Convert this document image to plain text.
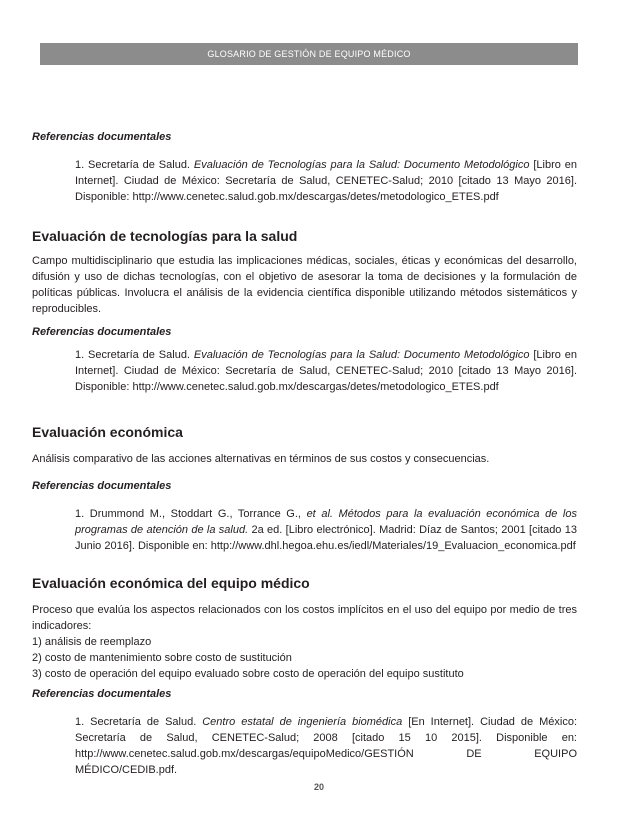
GLOSARIO DE GESTIÓN DE EQUIPO MÉDICO

Referencias documentales

1. Secretaría de Salud. Evaluación de Tecnologías para la Salud: Documento Metodológico [Libro en Internet]. Ciudad de México: Secretaría de Salud, CENETEC-Salud; 2010 [citado 13 Mayo 2016]. Disponible: http://www.cenetec.salud.gob.mx/descargas/detes/metodologico_ETES.pdf

Evaluación de tecnologías para la salud

Campo multidisciplinario que estudia las implicaciones médicas, sociales, éticas y económicas del desarrollo, difusión y uso de dichas tecnologías, con el objetivo de asesorar la toma de decisiones y la formulación de políticas públicas. Involucra el análisis de la evidencia científica disponible utilizando métodos sistemáticos y reproducibles.

Referencias documentales

1. Secretaría de Salud. Evaluación de Tecnologías para la Salud: Documento Metodológico [Libro en Internet]. Ciudad de México: Secretaría de Salud, CENETEC-Salud; 2010 [citado 13 Mayo 2016]. Disponible: http://www.cenetec.salud.gob.mx/descargas/detes/metodologico_ETES.pdf

Evaluación económica

Análisis comparativo de las acciones alternativas en términos de sus costos y consecuencias.

Referencias documentales

1. Drummond M., Stoddart G., Torrance G., et al. Métodos para la evaluación económica de los programas de atención de la salud. 2a ed. [Libro electrónico]. Madrid: Díaz de Santos; 2001 [citado 13 Junio 2016]. Disponible en: http://www.dhl.hegoa.ehu.es/iedl/Materiales/19_Evaluacion_economica.pdf

Evaluación económica del equipo médico

Proceso que evalúa los aspectos relacionados con los costos implícitos en el uso del equipo por medio de tres indicadores:

1) análisis de reemplazo
2) costo de mantenimiento sobre costo de sustitución
3) costo de operación del equipo evaluado sobre costo de operación del equipo sustituto

Referencias documentales

1. Secretaría de Salud. Centro estatal de ingeniería biomédica [En Internet]. Ciudad de México: Secretaría de Salud, CENETEC-Salud; 2008 [citado 15 10 2015]. Disponible en: http://www.cenetec.salud.gob.mx/descargas/equipoMedico/GESTIÓN DE EQUIPO MÉDICO/CEDIB.pdf.

20
